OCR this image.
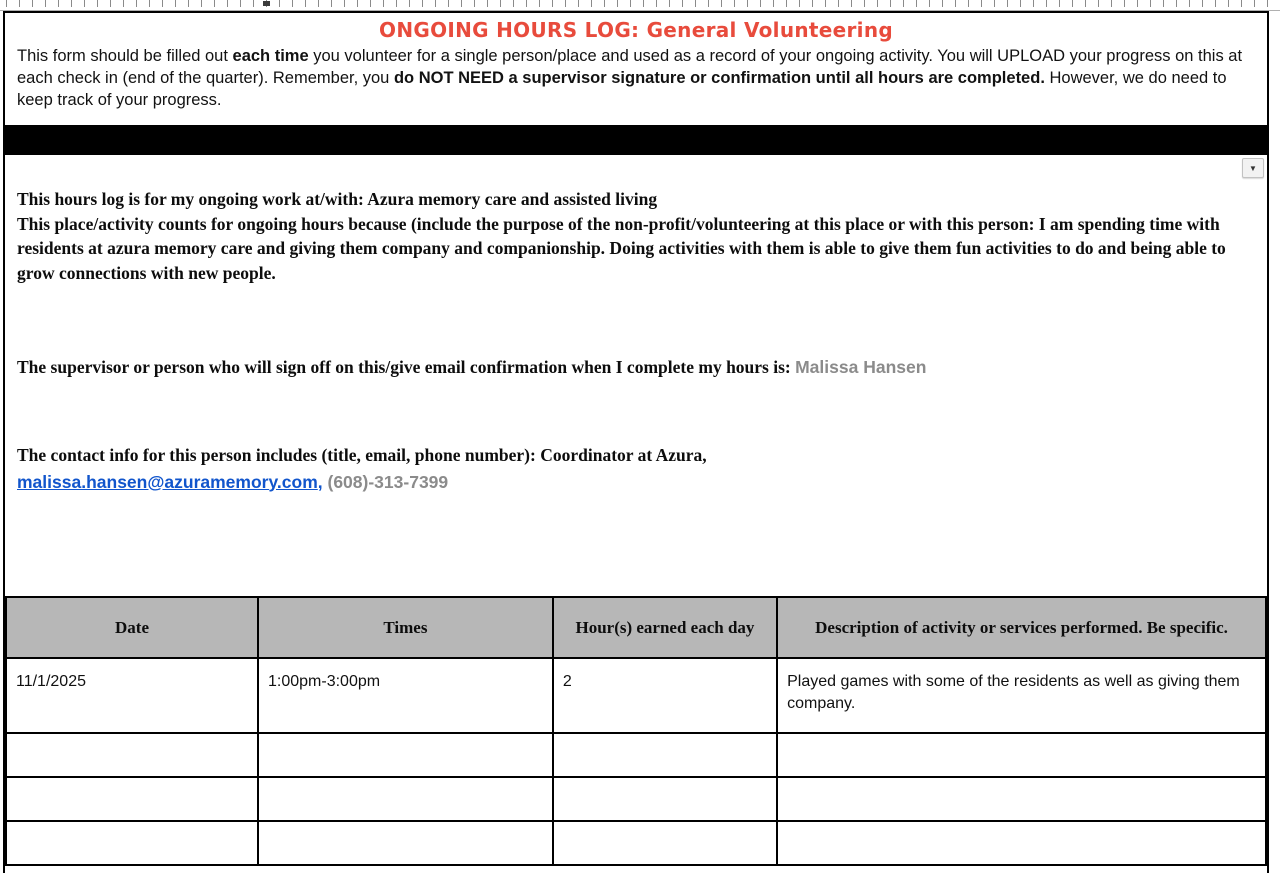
ONGOING HOURS LOG: General Volunteering

This form should be filled out each time you volunteer for a single person/place and used as a record of your ongoing activity. You will UPLOAD your progress on this at each check in (end of the quarter). Remember, you do NOT NEED a supervisor signature or confirmation until all hours are completed. However, we do need to keep track of your progress.

▼

This hours log is for my ongoing work at/with: Azura memory care and assisted living
This place/activity counts for ongoing hours because (include the purpose of the non-profit/volunteering at this place or with this person: I am spending time with residents at azura memory care and giving them company and companionship. Doing activities with them is able to give them fun activities to do and being able to grow connections with new people.

The supervisor or person who will sign off on this/give email confirmation when I complete my hours is: Malissa Hansen

The contact info for this person includes (title, email, phone number): Coordinator at Azura,
malissa.hansen@azuramemory.com, (608)-313-7399

Date	Times	Hour(s) earned each day	Description of activity or services performed. Be specific.
11/1/2025	1:00pm-3:00pm	2	Played games with some of the residents as well as giving them company.
